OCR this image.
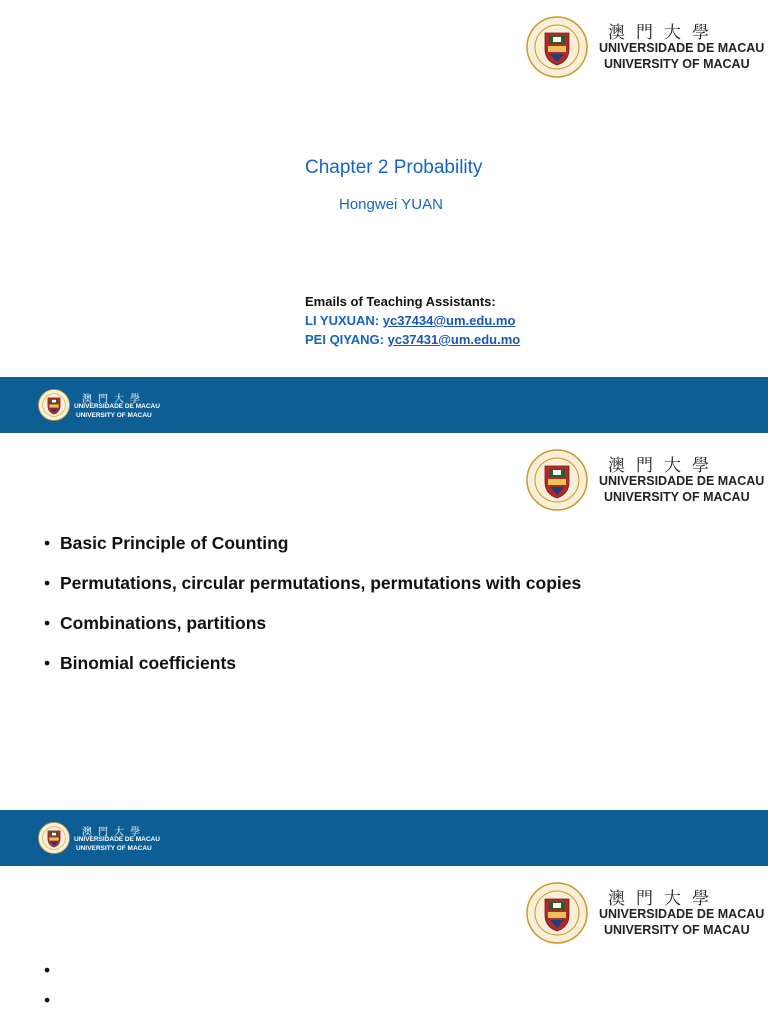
澳門大學
UNIVERSIDADE DE MACAU
UNIVERSITY OF MACAU
Chapter 2 Probability
Hongwei YUAN
Emails of Teaching Assistants:
LI YUXUAN: yc37434@um.edu.mo
PEI QIYANG: yc37431@um.edu.mo
澳門大學
UNIVERSIDADE DE MACAU
UNIVERSITY OF MACAU
澳門大學
UNIVERSIDADE DE MACAU
UNIVERSITY OF MACAU
• Basic Principle of Counting
• Permutations, circular permutations, permutations with copies
• Combinations, partitions
• Binomial coefficients
澳門大學
UNIVERSIDADE DE MACAU
UNIVERSITY OF MACAU
澳門大學
UNIVERSIDADE DE MACAU
UNIVERSITY OF MACAU
•
•
